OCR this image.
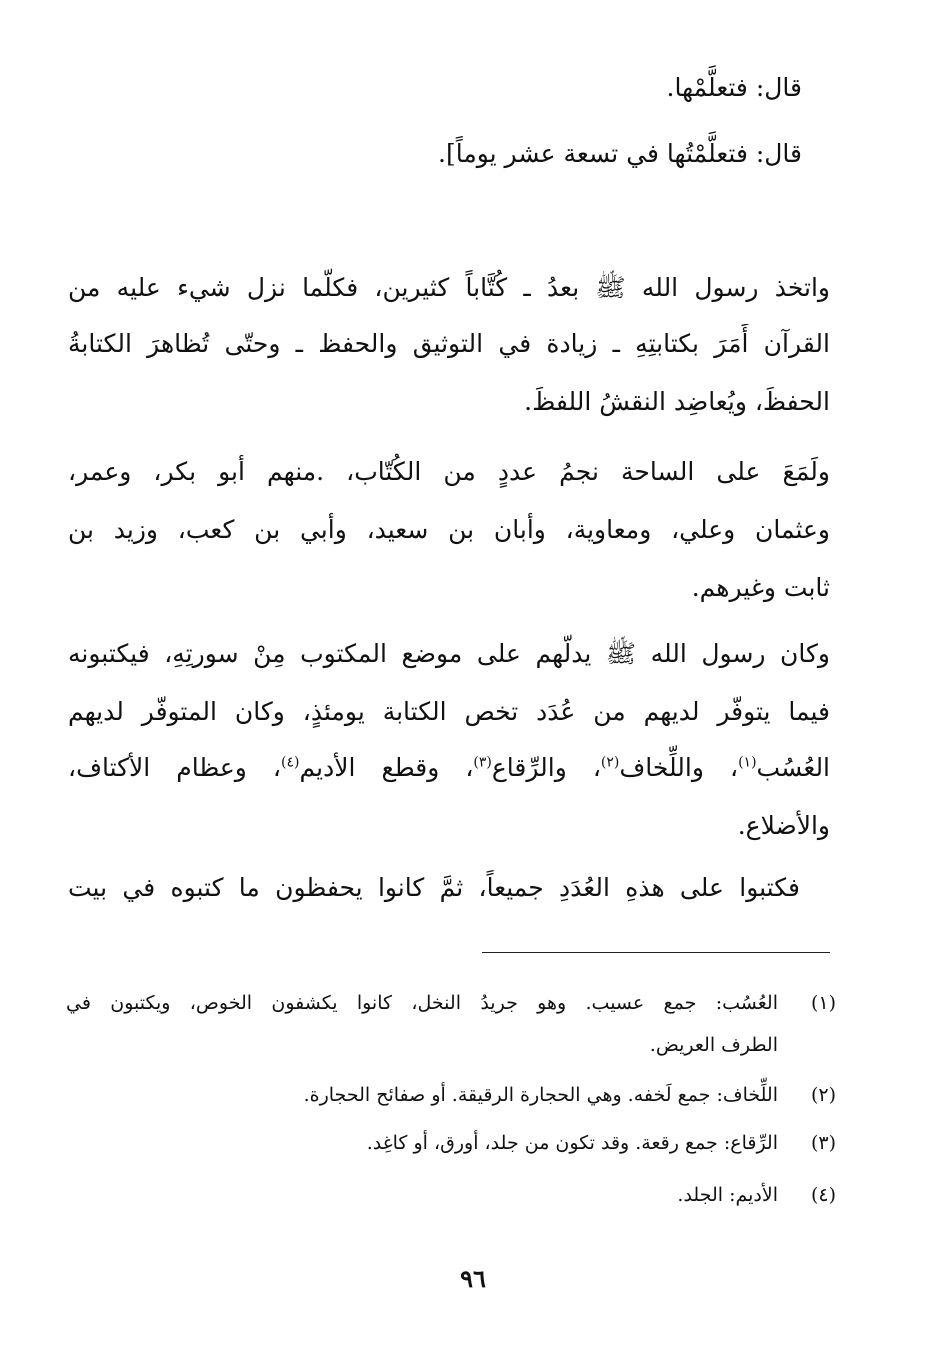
قال: فتعلَّمْها.
قال: فتعلَّمْتُها في تسعة عشر يوماً].
واتخذ رسول الله ﷺ بعدُ ـ كُتَّاباً كثيرين، فكلَّما نزل شيء عليه من
القرآن أَمَرَ بكتابتِهِ ـ زيادة في التوثيق والحفظ ـ وحتّى تُظاهرَ الكتابةُ
الحفظَ، ويُعاضِد النقشُ اللفظَ.
ولَمَعَ على الساحة نجمُ عددٍ من الكُتّاب، .منهم أبو بكر، وعمر،
وعثمان وعلي، ومعاوية، وأبان بن سعيد، وأبي بن كعب، وزيد بن
ثابت وغيرهم.
وكان رسول الله ﷺ يدلُّهم على موضع المكتوب مِنْ سورتِهِ، فيكتبونه
فيما يتوفّر لديهم من عُدَد تخص الكتابة يومئذٍ، وكان المتوفّر لديهم
العُسُب$^{(١)}$، واللِّخاف$^{(٢)}$، والرِّقاع$^{(٣)}$، وقطع الأديم$^{(٤)}$، وعظام الأكتاف،
والأضلاع.
فكتبوا على هذهِ العُدَدِ جميعاً، ثمَّ كانوا يحفظون ما كتبوه في بيت
(١)
العُسُب: جمع عسيب. وهو جريدُ النخل، كانوا يكشفون الخوص، ويكتبون في
الطرف العريض.
(٢)
اللِّخاف: جمع لَخفه. وهي الحجارة الرقيقة. أو صفائح الحجارة.
(٣)
الرِّقاع: جمع رقعة. وقد تكون من جلد، أورق، أو كاغِد.
(٤)
الأديم: الجلد.
٩٦
